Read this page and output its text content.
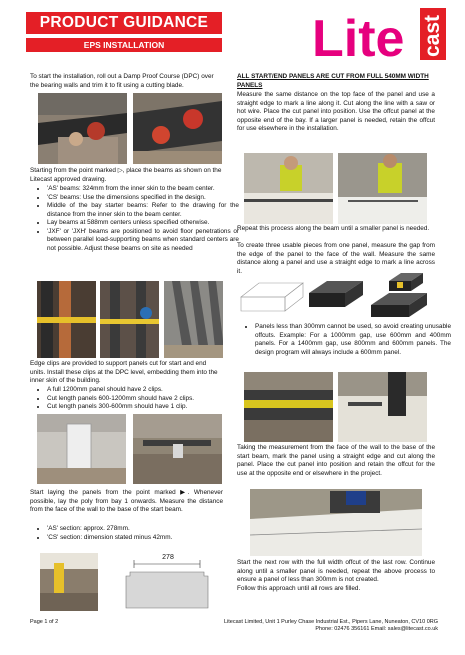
PRODUCT GUIDANCE
EPS INSTALLATION	Lite cast
To start the installation, roll out a Damp Proof Course (DPC) over the bearing walls and trim it to fit using a cutting blade.
Starting from the point marked ▷, place the beams as shown on the Litecast approved drawing.
• 'AS' beams: 324mm from the inner skin to the beam center.
• 'CS' beams: Use the dimensions specified in the design.
• Middle of the bay starter beams: Refer to the drawing for the distance from the inner skin to the beam center.
• Lay beams at 588mm centers unless specified otherwise.
• 'JXF' or 'JXH' beams are positioned to avoid floor penetrations or between parallel load-supporting beams when standard centers are not possible. Adjust these beams on site as needed
Edge clips are provided to support panels cut for start and end units. Install these clips at the DPC level, embedding them into the inner skin of the building.
• A full 1200mm panel should have 2 clips.
• Cut length panels 600-1200mm should have 2 clips.
• Cut length panels 300-600mm should have 1 clip.
Start laying the panels from the point marked ▶. Whenever possible, lay the poly from bay 1 onwards. Measure the distance from the face of the wall to the base of the start beam.
• 'AS' section: approx. 278mm.
• 'CS' section: dimension stated minus 42mm.
278
ALL START/END PANELS ARE CUT FROM FULL 540MM WIDTH PANELS
Measure the same distance on the top face of the panel and use a straight edge to mark a line along it. Cut along the line with a saw or hot wire. Place the cut panel into position. Use the offcut panel at the opposite end of the bay. If a larger panel is needed, retain the offcut for use elsewhere in the installation.
Repeat this process along the beam until a smaller panel is needed.
To create three usable pieces from one panel, measure the gap from the edge of the panel to the face of the wall. Measure the same distance along a panel and use a straight edge to mark a line across it.
• Panels less than 300mm cannot be used, so avoid creating unusable offcuts. Example: For a 1000mm gap, use 600mm and 400mm panels. For a 1400mm gap, use 800mm and 600mm panels. The design program will always include a 600mm panel.
Taking the measurement from the face of the wall to the base of the start beam, mark the panel using a straight edge and cut along the panel. Place the cut panel into position and retain the offcut for the use at the opposite end or elsewhere in the project.
Start the next row with the full width offcut of the last row. Continue along until a smaller panel is needed, repeat the above process to ensure a panel of less than 300mm is not created.
Follow this approach until all rows are filled.
Page 1 of 2	Litecast Limited, Unit 1 Purley Chase Industrial Est., Pipers Lane, Nuneaton, CV10 0RG
Phone: 02476 356161 Email: sales@litecast.co.uk
